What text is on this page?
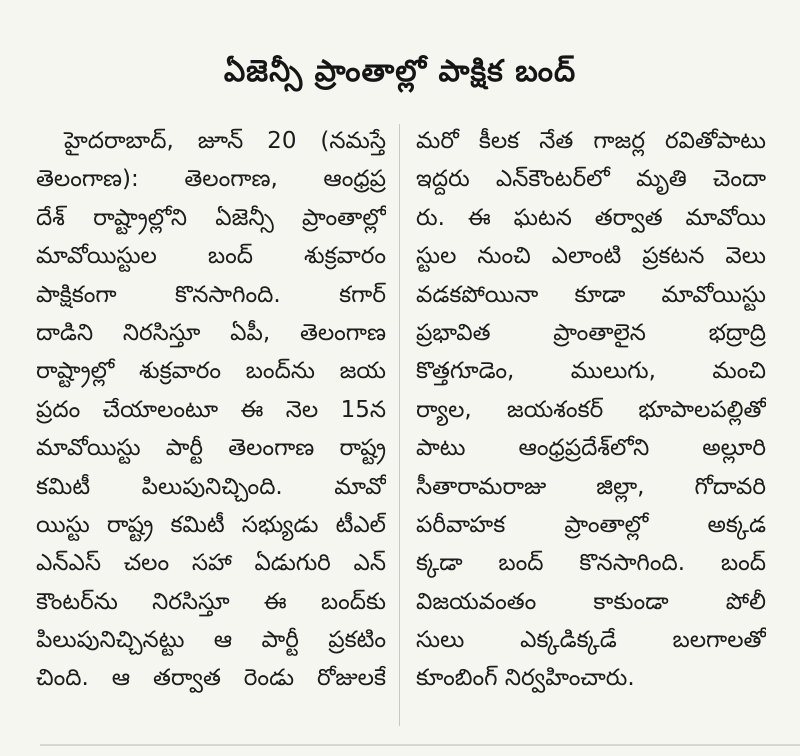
ఏజెన్సీ ప్రాంతాల్లో పాక్షిక బంద్
హైదరాబాద్, జూన్ 20 (నమస్తే
తెలంగాణ): తెలంగాణ, ఆంధ్రప్ర
దేశ్ రాష్ట్రాల్లోని ఏజెన్సీ ప్రాంతాల్లో
మావోయిస్టుల బంద్ శుక్రవారం
పాక్షికంగా కొనసాగింది. కగార్
దాడిని నిరసిస్తూ ఏపీ, తెలంగాణ
రాష్ట్రాల్లో శుక్రవారం బంద్‌ను జయ
ప్రదం చేయాలంటూ ఈ నెల 15న
మావోయిస్టు పార్టీ తెలంగాణ రాష్ట్ర
కమిటీ పిలుపునిచ్చింది. మావో
యిస్టు రాష్ట్ర కమిటీ సభ్యుడు టీఎల్
ఎన్ఎస్ చలం సహా ఏడుగురి ఎన్
కౌంటర్‌ను నిరసిస్తూ ఈ బంద్‌కు
పిలుపునిచ్చినట్టు ఆ పార్టీ ప్రకటిం
చింది. ఆ తర్వాత రెండు రోజులకే
మరో కీలక నేత గాజర్ల రవితోపాటు
ఇద్దరు ఎన్‌కౌంటర్‌లో మృతి చెందా
రు. ఈ ఘటన తర్వాత మావోయి
స్టుల నుంచి ఎలాంటి ప్రకటన వెలు
వడకపోయినా కూడా మావోయిస్టు
ప్రభావిత ప్రాంతాలైన భద్రాద్రి
కొత్తగూడెం, ములుగు, మంచి
ర్యాల, జయశంకర్ భూపాలపల్లితో
పాటు ఆంధ్రప్రదేశ్‌లోని అల్లూరి
సీతారామరాజు జిల్లా, గోదావరి
పరీవాహక ప్రాంతాల్లో అక్కడ
క్కడా బంద్ కొనసాగింది. బంద్
విజయవంతం కాకుండా పోలీ
సులు ఎక్కడిక్కడే బలగాలతో
కూంబింగ్ నిర్వహించారు.
